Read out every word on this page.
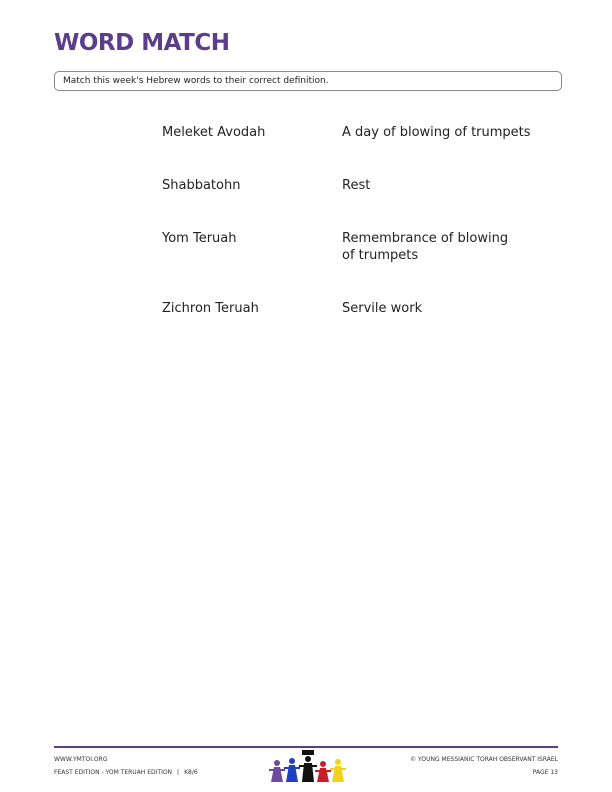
WORD MATCH
Match this week's Hebrew words to their correct definition.
Meleket Avodah	A day of blowing of trumpets
Shabbatohn	Rest
Yom Teruah	Remembrance of blowing of trumpets
Zichron Teruah	Servile work
WWW.YMTOI.ORG
FEAST EDITION - YOM TERUAH EDITION | K8/6
© YOUNG MESSIANIC TORAH OBSERVANT ISRAEL
PAGE 13
